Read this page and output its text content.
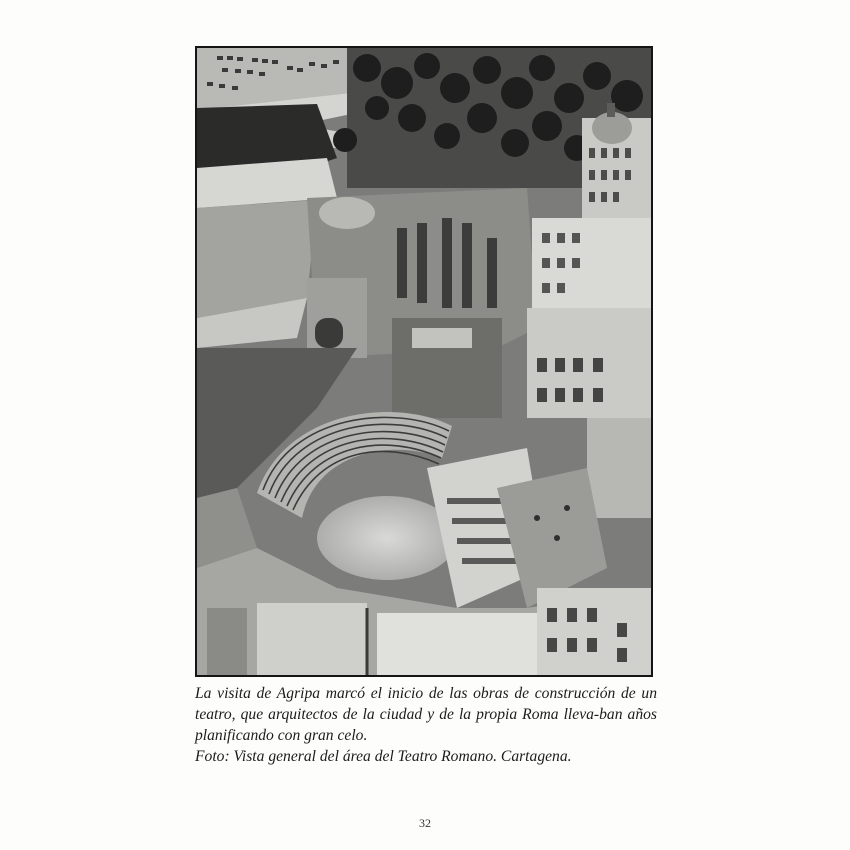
La visita de Agripa marcó el inicio de las obras de construcción de un teatro, que arquitectos de la ciudad y de la propia Roma lleva-ban años planificando con gran celo.

Foto: Vista general del área del Teatro Romano. Cartagena.

32
